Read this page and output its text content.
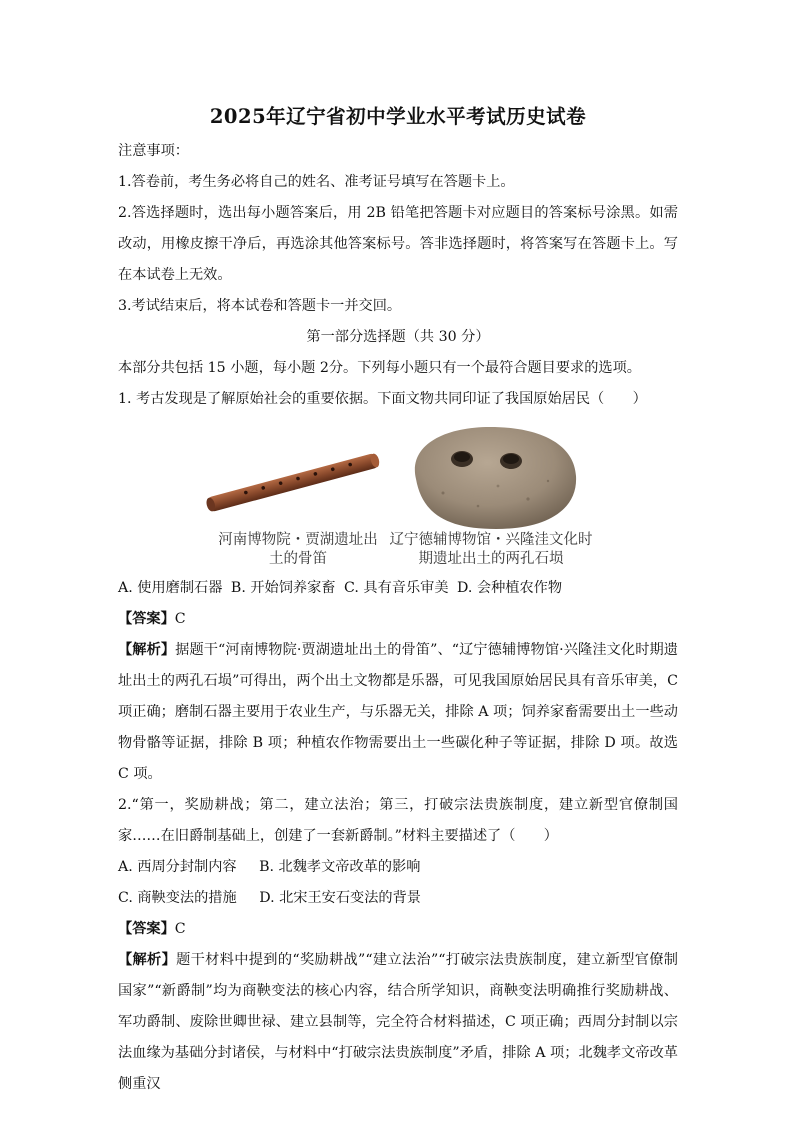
2025年辽宁省初中学业水平考试历史试卷

注意事项：

1.答卷前，考生务必将自己的姓名、准考证号填写在答题卡上。

2.答选择题时，选出每小题答案后，用 2B 铅笔把答题卡对应题目的答案标号涂黑。如需改动，用橡皮擦干净后，再选涂其他答案标号。答非选择题时，将答案写在答题卡上。写在本试卷上无效。

3.考试结束后，将本试卷和答题卡一并交回。

第一部分选择题（共 30 分）

本部分共包括 15 小题，每小题 2分。下列每小题只有一个最符合题目要求的选项。

1. 考古发现是了解原始社会的重要依据。下面文物共同印证了我国原始居民（　　）

河南博物院・贾湖遗址出土的骨笛
辽宁德辅博物馆・兴隆洼文化时期遗址出土的两孔石埙

A. 使用磨制石器 B. 开始饲养家畜 C. 具有音乐审美 D. 会种植农作物

【答案】C

【解析】据题干“河南博物院·贾湖遗址出土的骨笛”、“辽宁德辅博物馆·兴隆洼文化时期遗址出土的两孔石埙”可得出，两个出土文物都是乐器，可见我国原始居民具有音乐审美，C 项正确；磨制石器主要用于农业生产，与乐器无关，排除 A 项；饲养家畜需要出土一些动物骨骼等证据，排除 B 项；种植农作物需要出土一些碳化种子等证据，排除 D 项。故选 C 项。

2.“第一，奖励耕战；第二，建立法治；第三，打破宗法贵族制度，建立新型官僚制国家……在旧爵制基础上，创建了一套新爵制。”材料主要描述了（　　）

A. 西周分封制内容 B. 北魏孝文帝改革的影响

C. 商鞅变法的措施 D. 北宋王安石变法的背景

【答案】C

【解析】题干材料中提到的“奖励耕战”“建立法治”“打破宗法贵族制度，建立新型官僚制国家”“新爵制”均为商鞅变法的核心内容，结合所学知识，商鞅变法明确推行奖励耕战、军功爵制、废除世卿世禄、建立县制等，完全符合材料描述，C 项正确；西周分封制以宗法血缘为基础分封诸侯，与材料中“打破宗法贵族制度”矛盾，排除 A 项；北魏孝文帝改革侧重汉
